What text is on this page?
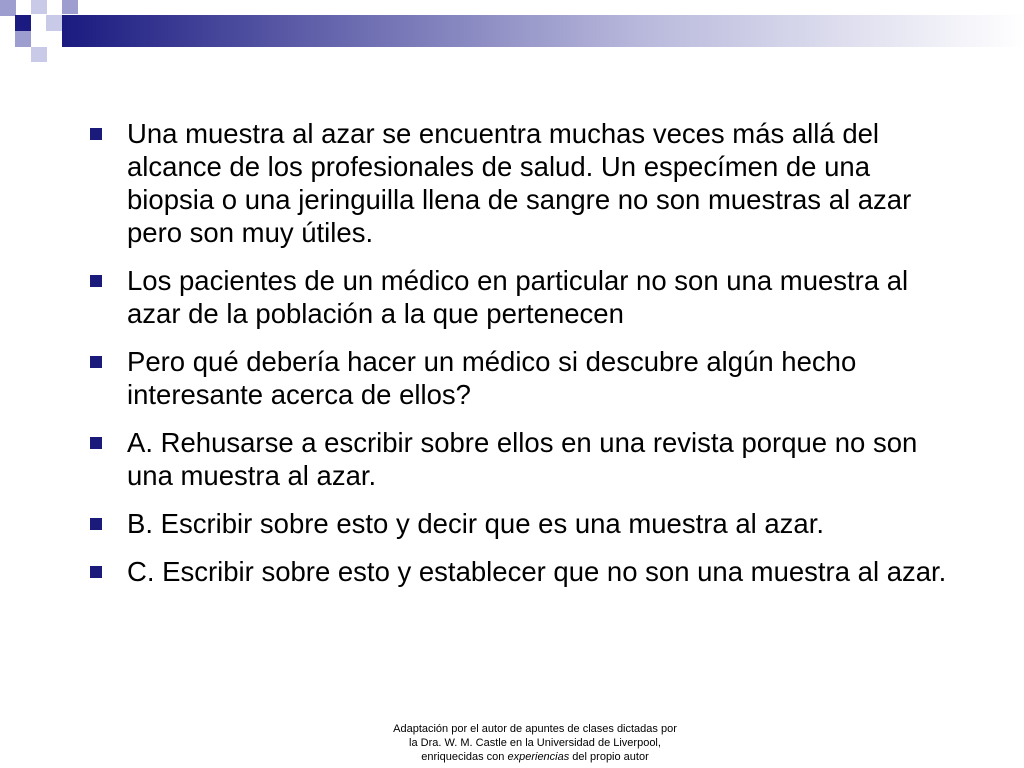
Una muestra al azar se encuentra muchas veces más allá del alcance de los profesionales de salud. Un especímen de una biopsia o una jeringuilla llena de sangre no son muestras al azar pero son muy útiles.
Los pacientes de un médico en particular no son una muestra al azar de la población a la que pertenecen
Pero qué debería hacer un médico si descubre algún hecho interesante acerca de ellos?
A. Rehusarse a escribir sobre ellos en una revista porque no son una muestra al azar.
B. Escribir sobre esto y decir que es una muestra al azar.
C. Escribir sobre esto y establecer que no son una muestra al azar.
Adaptación por el autor de apuntes de clases dictadas por
la Dra. W. M. Castle en la Universidad de Liverpool,
enriquecidas con experiencias del propio autor
